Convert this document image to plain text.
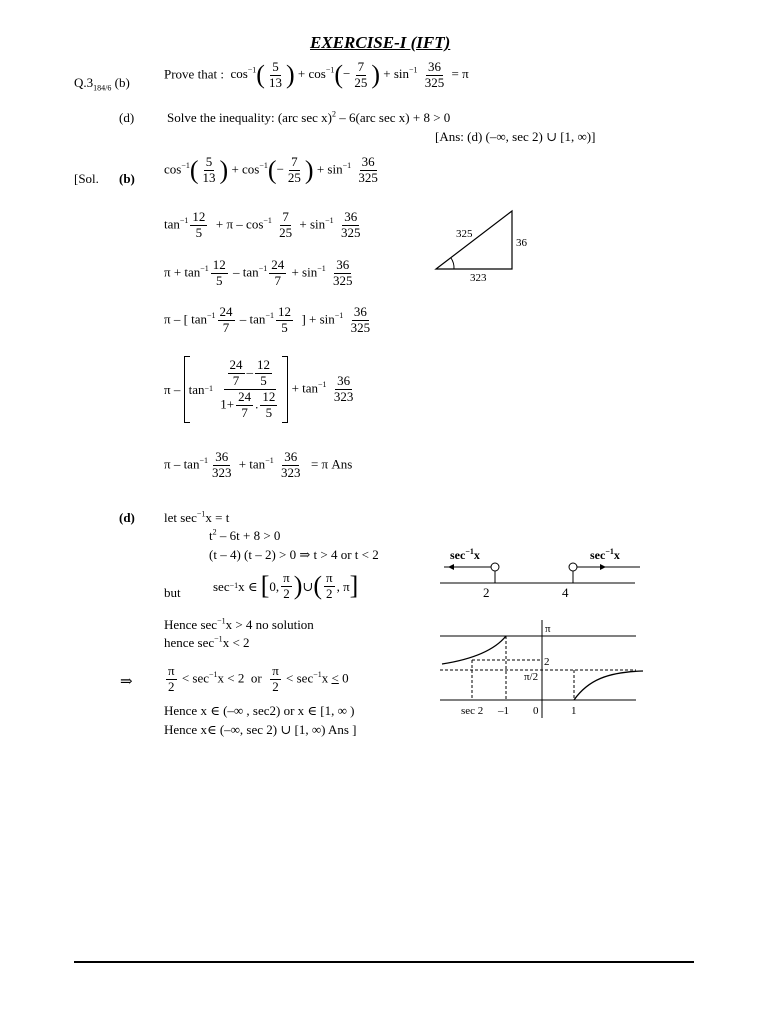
EXERCISE-I (IFT)
$Q.3_{184/6}$ (b)
Prove that : $\cos^{-1}( \frac{5}{13}$ ) + $\cos^{-1}(- \frac{7}{25}$ ) + $\sin^{-1} \frac{36}{325} = \pi$
(d)	Solve the inequality: (arc sec x)$^2$ – 6(arc sec x) + 8 > 0
[Ans: (d) (–∞, sec 2) ∪ [1, ∞)]
[Sol. (b)
$\cos^{-1}( \frac{5}{13}$ ) + $\cos^{-1}(- \frac{7}{25}$ ) + $\sin^{-1} \frac{36}{325}$
$\tan^{-1} \frac{12}{5} + \pi - \cos^{-1} \frac{7}{25} + \sin^{-1} \frac{36}{325}$
$\pi + \tan^{-1} \frac{12}{5} - \tan^{-1} \frac{24}{7} + \sin^{-1} \frac{36}{325}$
π – [ $\tan^{-1} \frac{24}{7} - \tan^{-1} \frac{12}{5}$ ] + $\sin^{-1} \frac{36}{325}$
π – tan −1
$\frac{\frac{24}{7} - \frac{12}{5}}{1+ \frac{24}{7} . \frac{12}{5}} + \tan^{-1} \frac{36}{323}$
$\pi - \tan^{-1} \frac{36}{323} + \tan^{-1} \frac{36}{323} = \pi$ Ans
325
36
323
(d) let $\sec^{-1}x = t$
$t^2 - 6t + 8 > 0$
(t – 4) (t – 2) > 0 ⇒ t > 4 or t < 2
but sec −1 x ∈
[ 0, $\frac{\pi}{2}$ ) ∪ ( $\frac{\pi}{2}$ , π ]
Hence $\sec^{-1}x > 4$ no solution
hence $\sec^{-1}x < 2$
⇒	$\frac{\pi}{2} < \sec^{-1}x < 2$  or $\frac{\pi}{2} < \sec^{-1}x < 0$
Hence x ∈ (–∞ , sec2) or x ∈ [1, ∞ )
Hence x∈ (–∞, sec 2) ∪ [1, ∞) Ans ]
$\sec^{-1}x$	$\sec^{-1}x$
2	4
π
2
π/2
sec 2 –1 0	1
